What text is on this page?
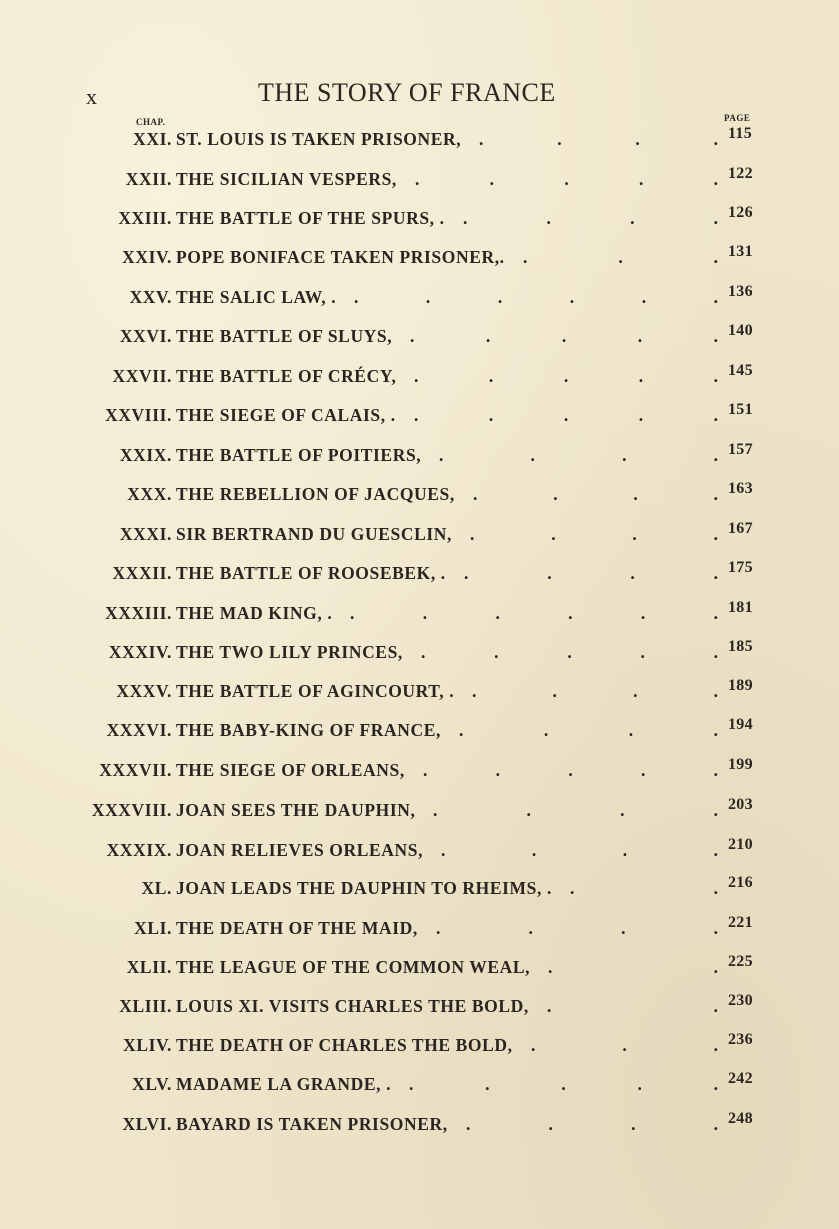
x	THE STORY OF FRANCE
CHAP.	PAGE
XXI. ST. LOUIS IS TAKEN PRISONER,	115
.
.
.
.
XXII. THE SICILIAN VESPERS,	122
.
.
.
.
.
XXIII. THE BATTLE OF THE SPURS, .	126
.
.
.
.
XXIV. POPE BONIFACE TAKEN PRISONER,.	131
.
.
.
XXV. THE SALIC LAW, .	136
.
.
.
.
.
.
XXVI. THE BATTLE OF SLUYS,	140
.
.
.
.
.
XXVII. THE BATTLE OF CRÉCY,	145
.
.
.
.
.
XXVIII. THE SIEGE OF CALAIS, .	151
.
.
.
.
.
XXIX. THE BATTLE OF POITIERS,	157
.
.
.
.
XXX. THE REBELLION OF JACQUES,	163
.
.
.
.
XXXI. SIR BERTRAND DU GUESCLIN,	167
.
.
.
.
XXXII. THE BATTLE OF ROOSEBEK, .	175
.
.
.
.
XXXIII. THE MAD KING, .	181
.
.
.
.
.
.
XXXIV. THE TWO LILY PRINCES,	185
.
.
.
.
.
XXXV. THE BATTLE OF AGINCOURT, .	189
.
.
.
.
XXXVI. THE BABY-KING OF FRANCE,	194
.
.
.
.
XXXVII. THE SIEGE OF ORLEANS,	199
.
.
.
.
.
XXXVIII. JOAN SEES THE DAUPHIN,	203
.
.
.
.
XXXIX. JOAN RELIEVES ORLEANS,	210
.
.
.
.
XL. JOAN LEADS THE DAUPHIN TO RHEIMS, .	216
.
.
XLI. THE DEATH OF THE MAID,	221
.
.
.
.
XLII. THE LEAGUE OF THE COMMON WEAL,	225
.
.
XLIII. LOUIS XI. VISITS CHARLES THE BOLD,	230
.
.
XLIV. THE DEATH OF CHARLES THE BOLD,	236
.
.
.
XLV. MADAME LA GRANDE, .	242
.
.
.
.
.
XLVI. BAYARD IS TAKEN PRISONER,	248
.
.
.
.
